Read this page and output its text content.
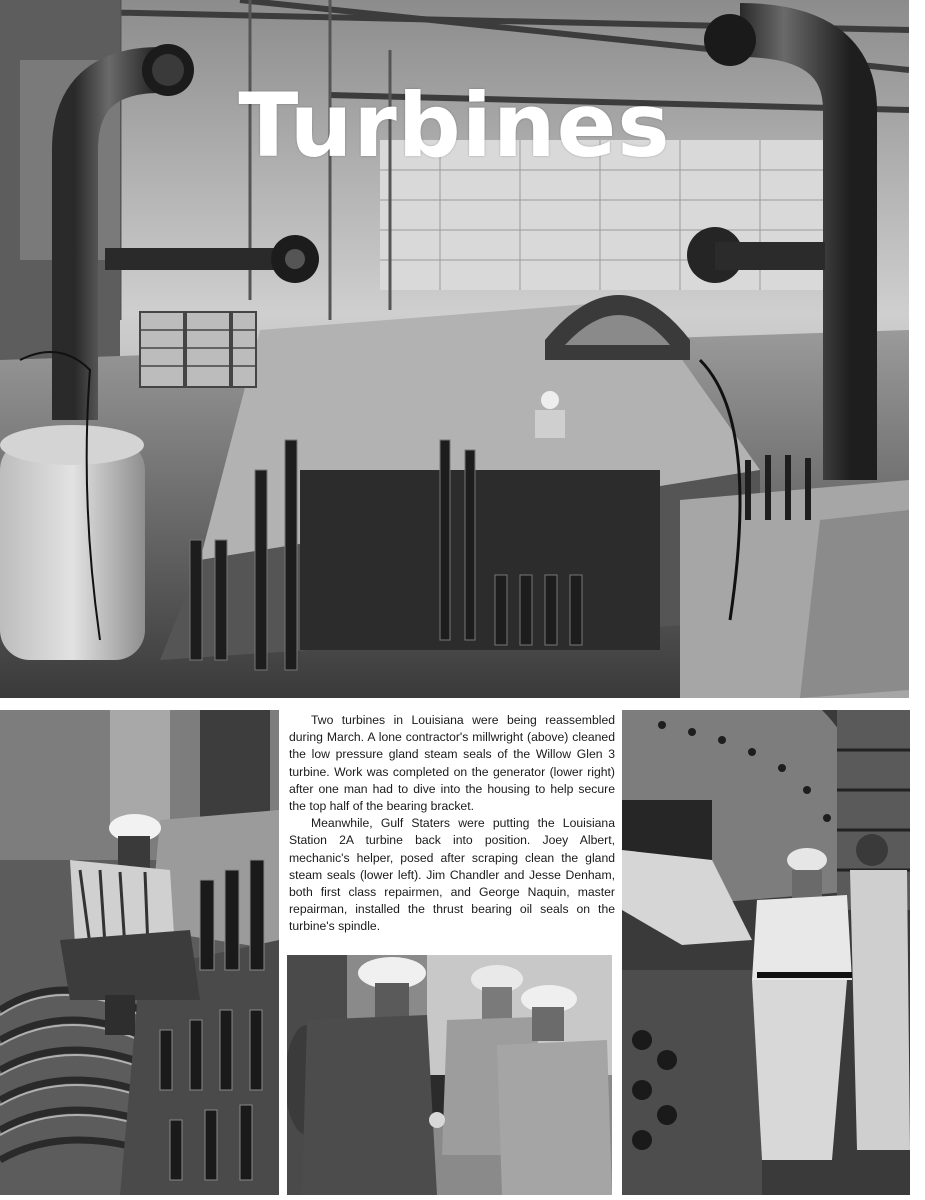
Turbines

Two turbines in Louisiana were being reassembled during March. A lone contractor's millwright (above) cleaned the low pressure gland steam seals of the Willow Glen 3 turbine. Work was completed on the generator (lower right) after one man had to dive into the housing to help secure the top half of the bearing bracket.

Meanwhile, Gulf Staters were putting the Louisiana Station 2A turbine back into position. Joey Albert, mechanic's helper, posed after scraping clean the gland steam seals (lower left). Jim Chandler and Jesse Denham, both first class repairmen, and George Naquin, master repairman, installed the thrust bearing oil seals on the turbine's spindle.
